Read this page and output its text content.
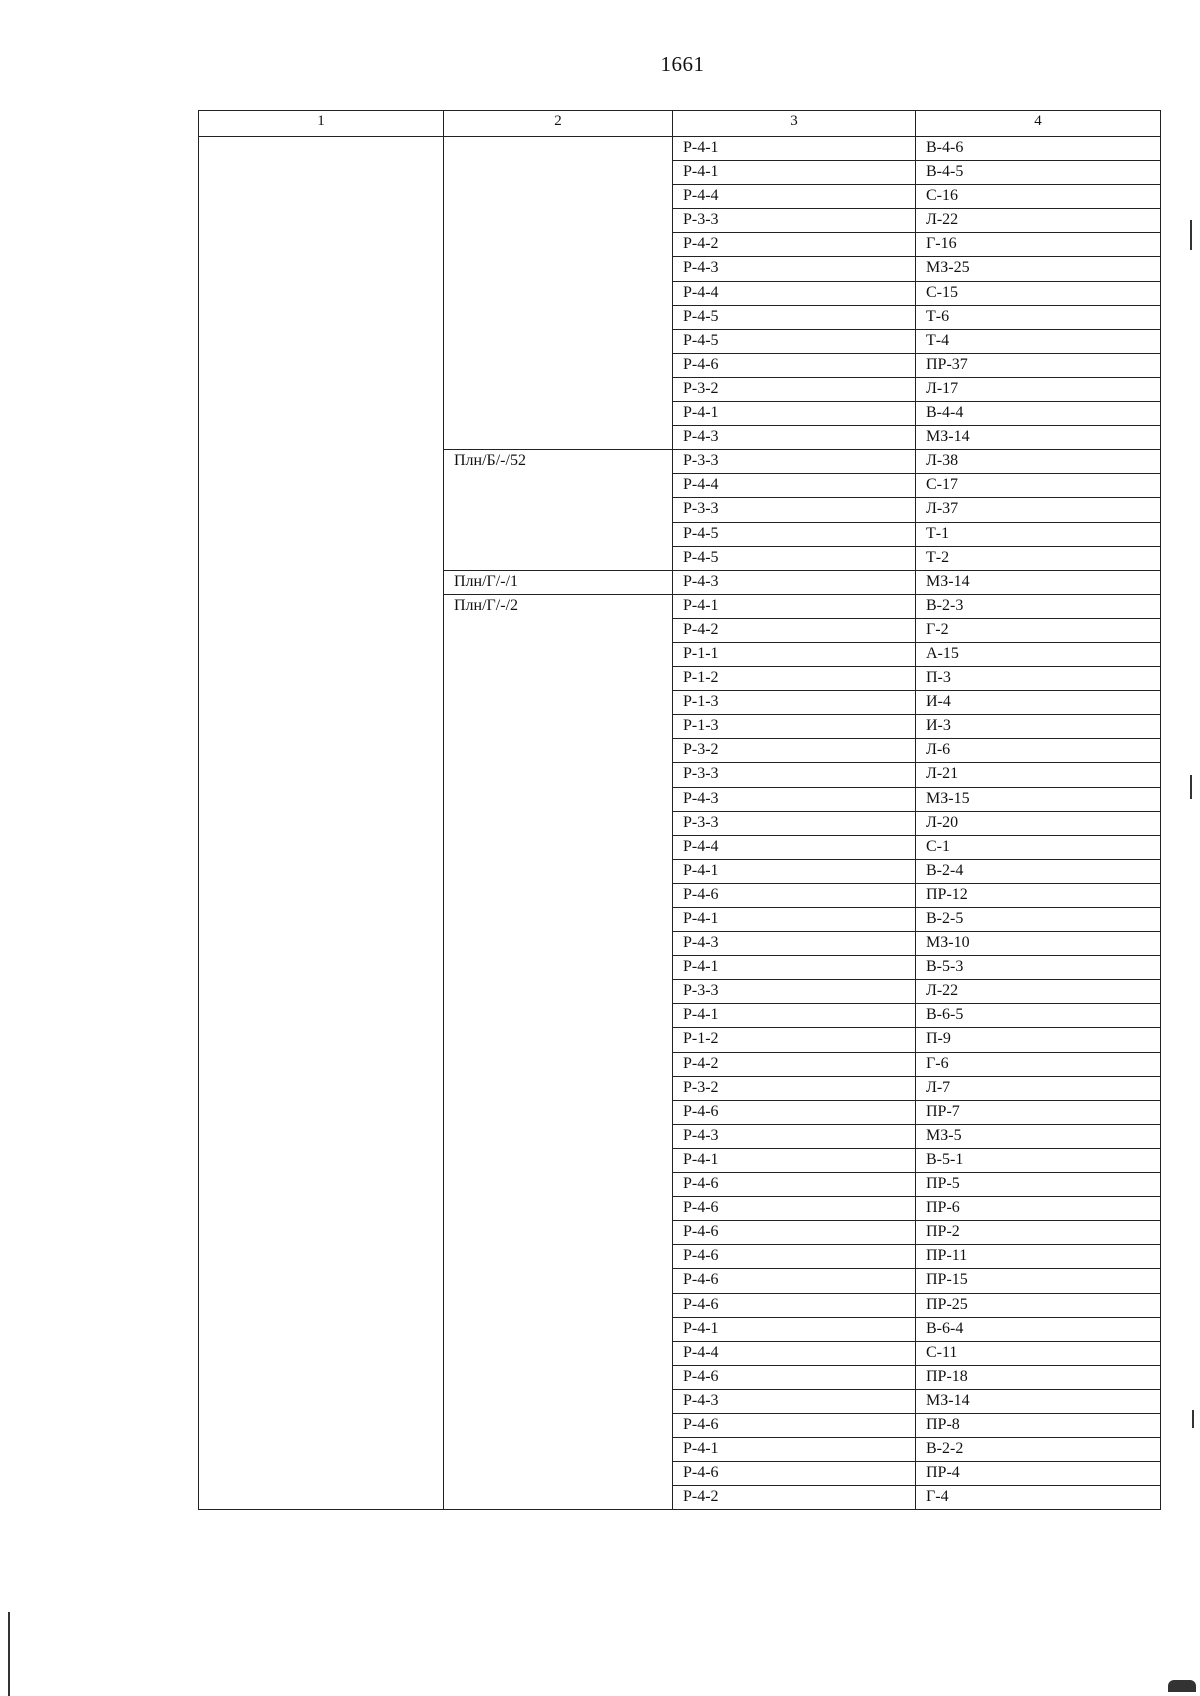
1661
1	2	3	4
		Р-4-1	В-4-6
		Р-4-1	В-4-5
		Р-4-4	С-16
		Р-3-3	Л-22
		Р-4-2	Г-16
		Р-4-3	МЗ-25
		Р-4-4	С-15
		Р-4-5	Т-6
		Р-4-5	Т-4
		Р-4-6	ПР-37
		Р-3-2	Л-17
		Р-4-1	В-4-4
		Р-4-3	МЗ-14
	Плн/Б/-/52	Р-3-3	Л-38
		Р-4-4	С-17
		Р-3-3	Л-37
		Р-4-5	Т-1
		Р-4-5	Т-2
	Плн/Г/-/1	Р-4-3	МЗ-14
	Плн/Г/-/2	Р-4-1	В-2-3
		Р-4-2	Г-2
		Р-1-1	А-15
		Р-1-2	П-3
		Р-1-3	И-4
		Р-1-3	И-3
		Р-3-2	Л-6
		Р-3-3	Л-21
		Р-4-3	МЗ-15
		Р-3-3	Л-20
		Р-4-4	С-1
		Р-4-1	В-2-4
		Р-4-6	ПР-12
		Р-4-1	В-2-5
		Р-4-3	МЗ-10
		Р-4-1	В-5-3
		Р-3-3	Л-22
		Р-4-1	В-6-5
		Р-1-2	П-9
		Р-4-2	Г-6
		Р-3-2	Л-7
		Р-4-6	ПР-7
		Р-4-3	МЗ-5
		Р-4-1	В-5-1
		Р-4-6	ПР-5
		Р-4-6	ПР-6
		Р-4-6	ПР-2
		Р-4-6	ПР-11
		Р-4-6	ПР-15
		Р-4-6	ПР-25
		Р-4-1	В-6-4
		Р-4-4	С-11
		Р-4-6	ПР-18
		Р-4-3	МЗ-14
		Р-4-6	ПР-8
		Р-4-1	В-2-2
		Р-4-6	ПР-4
		Р-4-2	Г-4
